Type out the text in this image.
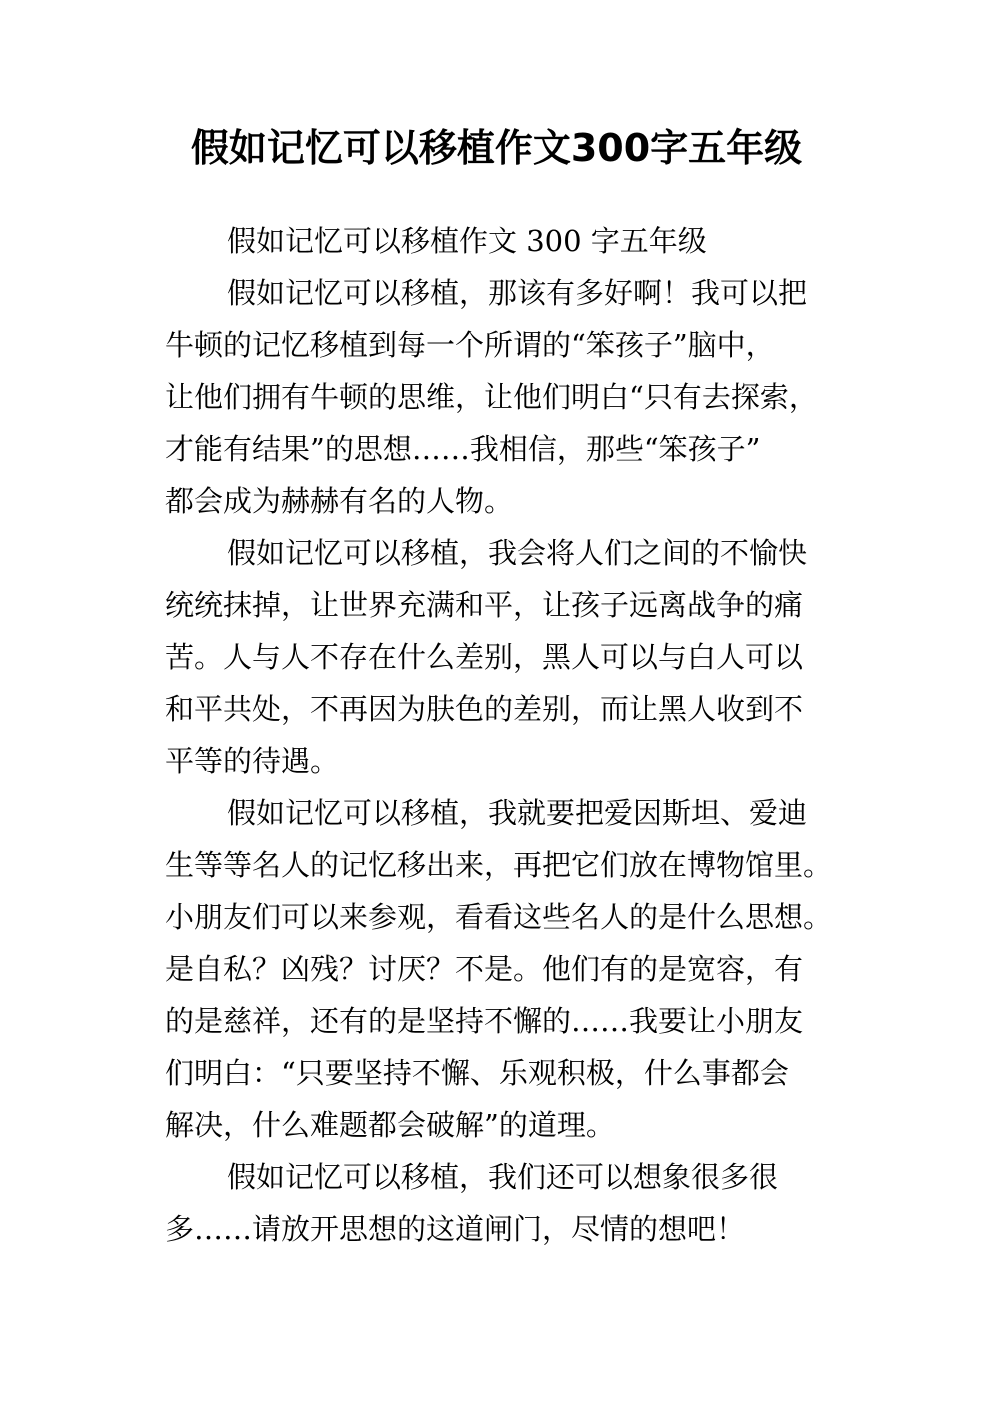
假如记忆可以移植作文300字五年级
假如记忆可以移植作文 300 字五年级
假如记忆可以移植，那该有多好啊！我可以把
牛顿的记忆移植到每一个所谓的“笨孩子”脑中，
让他们拥有牛顿的思维，让他们明白“只有去探索，
才能有结果”的思想……我相信，那些“笨孩子”
都会成为赫赫有名的人物。
假如记忆可以移植，我会将人们之间的不愉快
统统抹掉，让世界充满和平，让孩子远离战争的痛
苦。人与人不存在什么差别，黑人可以与白人可以
和平共处，不再因为肤色的差别，而让黑人收到不
平等的待遇。
假如记忆可以移植，我就要把爱因斯坦、爱迪
生等等名人的记忆移出来，再把它们放在博物馆里。
小朋友们可以来参观，看看这些名人的是什么思想。
是自私？凶残？讨厌？不是。他们有的是宽容，有
的是慈祥，还有的是坚持不懈的……我要让小朋友
们明白：“只要坚持不懈、乐观积极，什么事都会
解决，什么难题都会破解”的道理。
假如记忆可以移植，我们还可以想象很多很
多……请放开思想的这道闸门，尽情的想吧！
